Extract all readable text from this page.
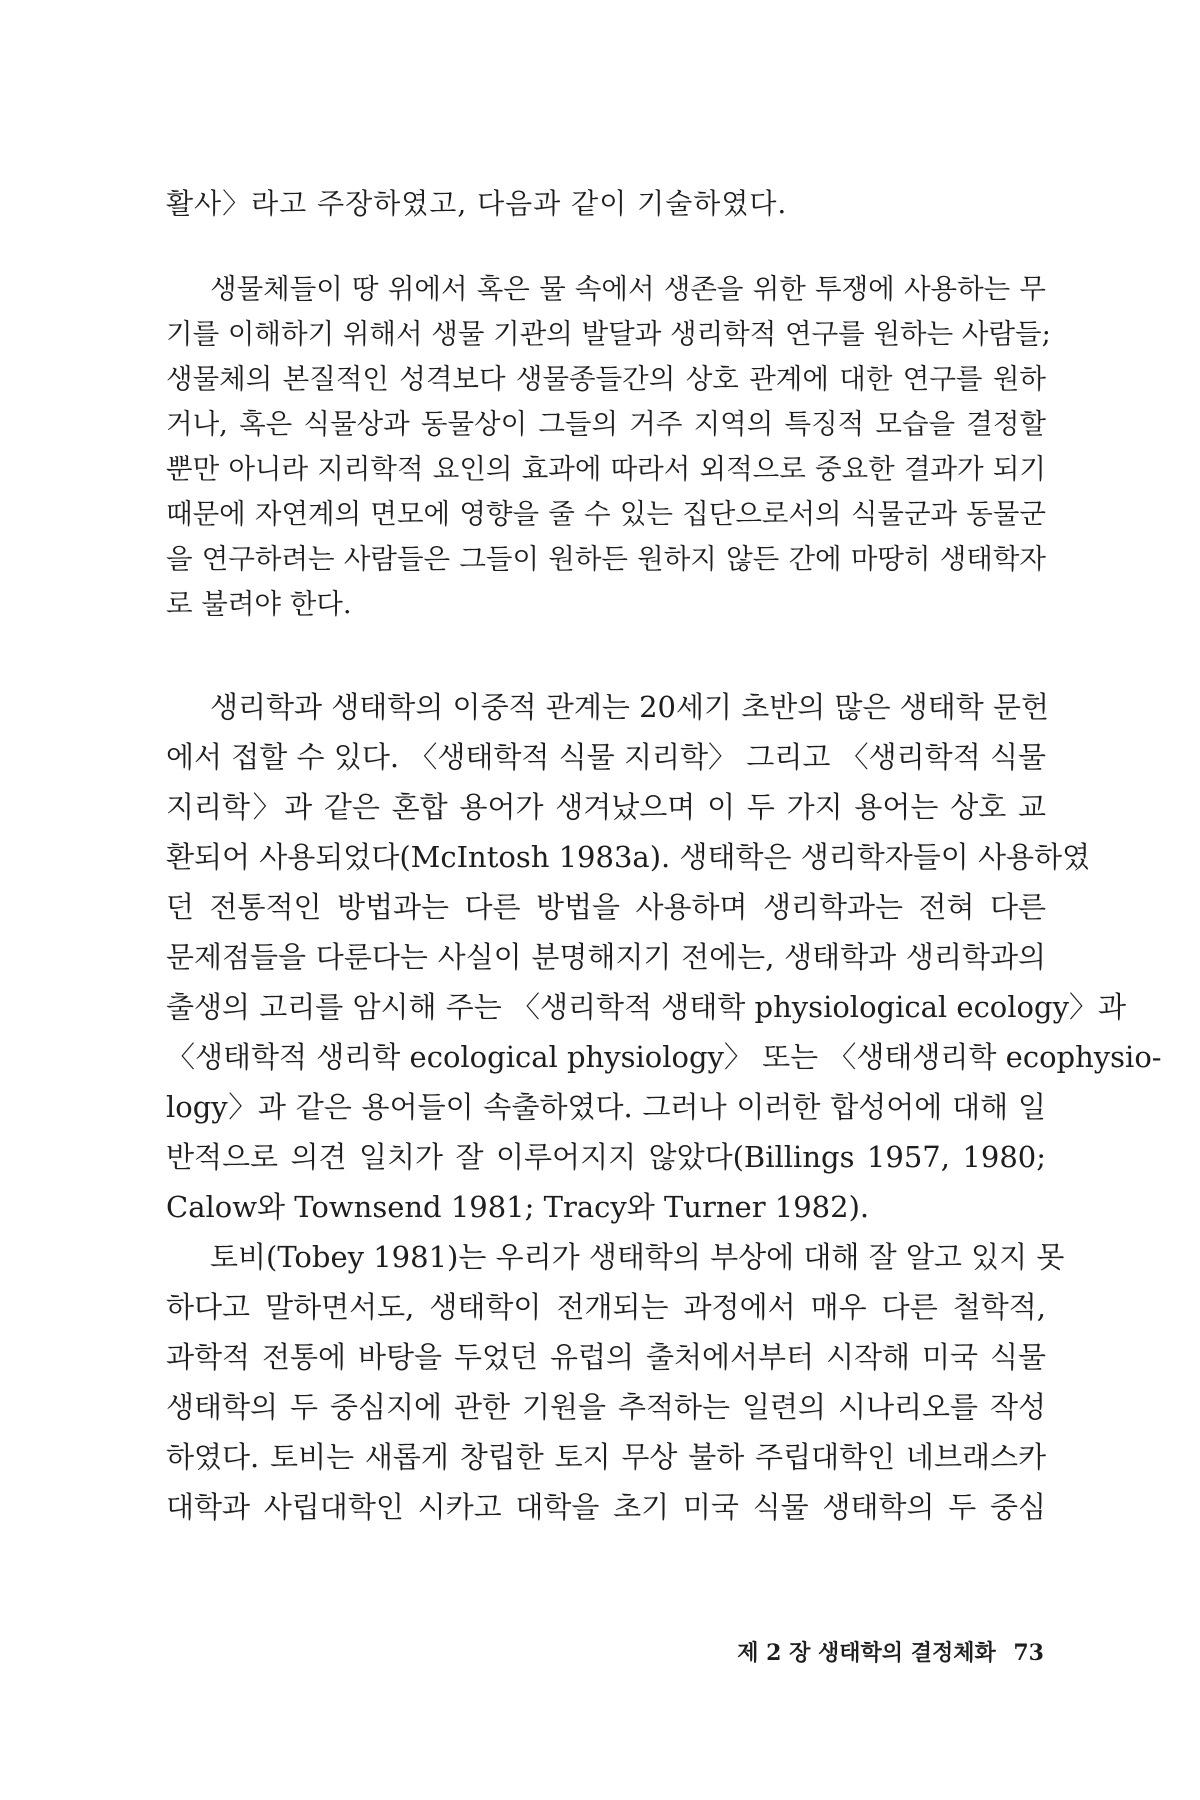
활사〉라고 주장하였고, 다음과 같이 기술하였다.

생물체들이 땅 위에서 혹은 물 속에서 생존을 위한 투쟁에 사용하는 무

기를 이해하기 위해서 생물 기관의 발달과 생리학적 연구를 원하는 사람들;

생물체의 본질적인 성격보다 생물종들간의 상호 관계에 대한 연구를 원하

거나, 혹은 식물상과 동물상이 그들의 거주 지역의 특징적 모습을 결정할

뿐만 아니라 지리학적 요인의 효과에 따라서 외적으로 중요한 결과가 되기

때문에 자연계의 면모에 영향을 줄 수 있는 집단으로서의 식물군과 동물군

을 연구하려는 사람들은 그들이 원하든 원하지 않든 간에 마땅히 생태학자

로 불려야 한다.

생리학과 생태학의 이중적 관계는 20세기 초반의 많은 생태학 문헌

에서 접할 수 있다. 〈생태학적 식물 지리학〉 그리고 〈생리학적 식물

지리학〉과 같은 혼합 용어가 생겨났으며 이 두 가지 용어는 상호 교

환되어 사용되었다(McIntosh 1983a). 생태학은 생리학자들이 사용하였

던 전통적인 방법과는 다른 방법을 사용하며 생리학과는 전혀 다른

문제점들을 다룬다는 사실이 분명해지기 전에는, 생태학과 생리학과의

출생의 고리를 암시해 주는 〈생리학적 생태학 physiological ecology〉과

〈생태학적 생리학 ecological physiology〉 또는 〈생태생리학 ecophysio-

logy〉과 같은 용어들이 속출하였다. 그러나 이러한 합성어에 대해 일

반적으로 의견 일치가 잘 이루어지지 않았다(Billings 1957, 1980;

Calow와 Townsend 1981; Tracy와 Turner 1982).

토비(Tobey 1981)는 우리가 생태학의 부상에 대해 잘 알고 있지 못

하다고 말하면서도, 생태학이 전개되는 과정에서 매우 다른 철학적,

과학적 전통에 바탕을 두었던 유럽의 출처에서부터 시작해 미국 식물

생태학의 두 중심지에 관한 기원을 추적하는 일련의 시나리오를 작성

하였다. 토비는 새롭게 창립한 토지 무상 불하 주립대학인 네브래스카

대학과 사립대학인 시카고 대학을 초기 미국 식물 생태학의 두 중심

제 2 장 생태학의 결정체화 73
